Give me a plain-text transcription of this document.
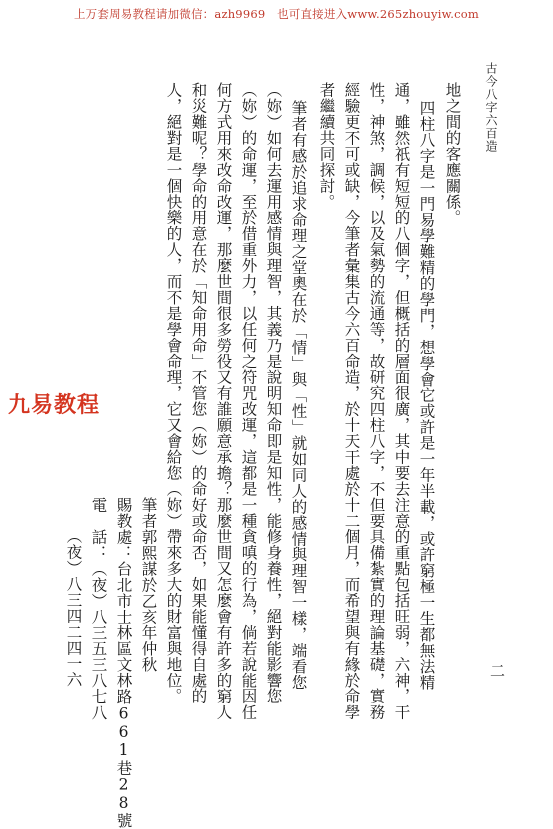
上万套周易教程请加微信：azh9969　也可直接进入www.265zhouyiw.com
古今八字六百造
二
九易教程
地之間的客應關係。
四柱八字是一門易學難精的學門，想學會它或許是一年半載，或許窮極一生都無法精
通，雖然祇有短短的八個字，但概括的層面很廣，其中要去注意的重點包括旺弱，六神，干
性，神煞，調候，以及氣勢的流通等，故研究四柱八字，不但要具備紮實的理論基礎，實務
經驗更不可或缺，今筆者彙集古今六百命造，於十天干處於十二個月，而希望與有緣於命學
者繼續共同探討。
筆者有感於追求命理之堂奧在於「情」與「性」就如同人的感情與理智一樣，端看您
（妳）如何去運用感情與理智，其義乃是說明知命即是知性，能修身養性，絕對能影響您
（妳）的命運，至於借重外力，以任何之符咒改運，這都是一種貪嗔的行為，倘若說能因任
何方式用來改命改運，那麼世間很多勞役又有誰願意承擔？那麼世間又怎麼會有許多的窮人
和災難呢？學命的用意在於「知命用命」不管您（妳）的命好或命否，如果能懂得自處的
人，絕對是一個快樂的人，而不是學會命理，它又會給您（妳）帶來多大的財富與地位。
筆者郭熙謀於乙亥年仲秋
賜教處：台北市士林區文林路661巷28號
電　話：（夜）八三五三八七八
（夜）八三四二四一六
